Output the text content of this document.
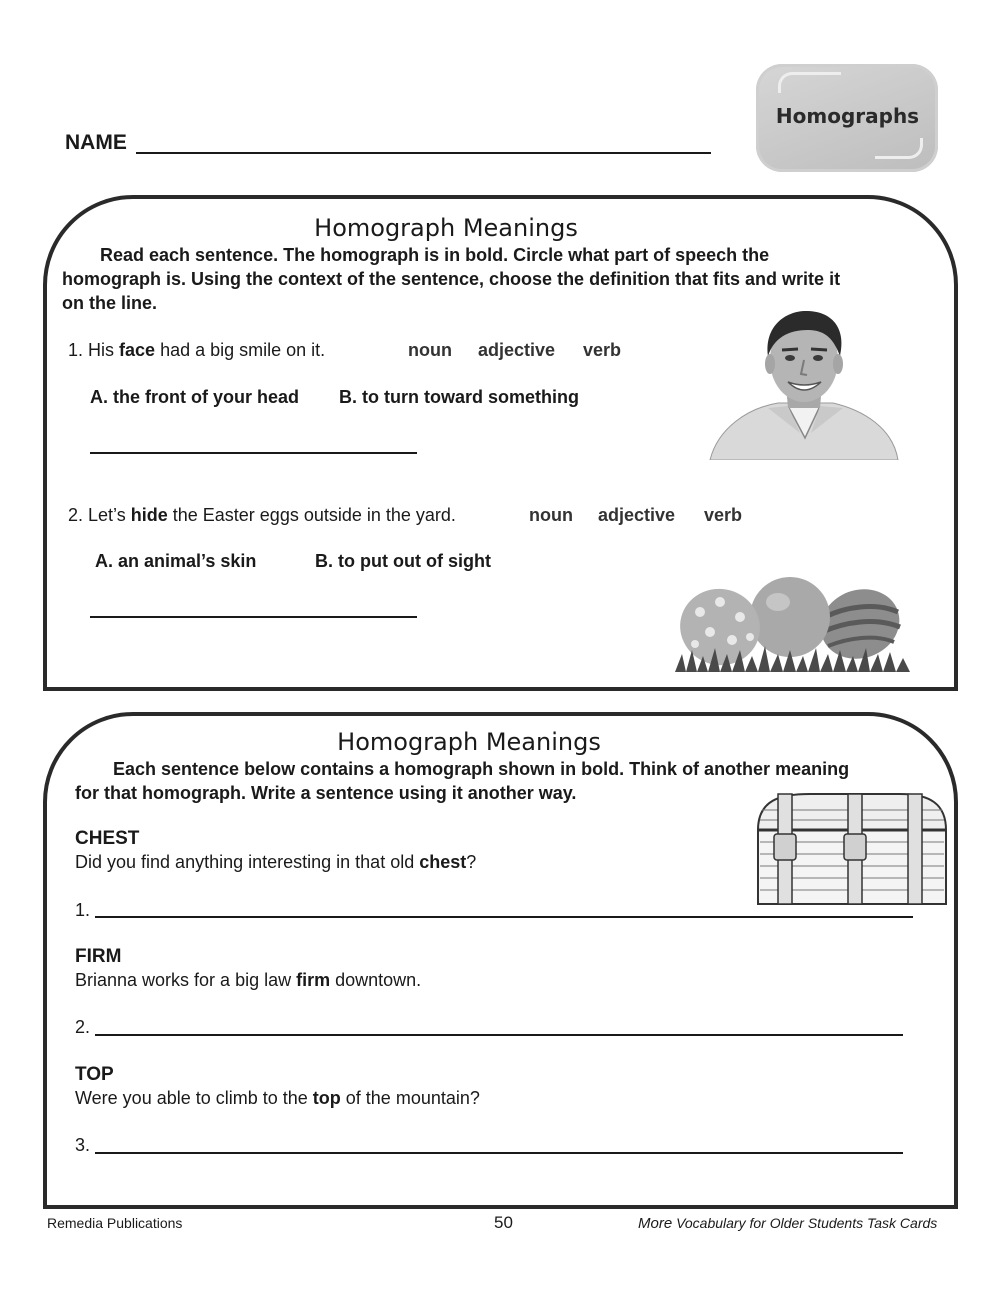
NAME
Homographs
Homograph Meanings
Read each sentence. The homograph is in bold. Circle what part of speech the
homograph is. Using the context of the sentence, choose the definition that fits and write it
on the line.
1. His face had a big smile on it.	noun adjective verb
A. the front of your head B. to turn toward something
2. Let’s hide the Easter eggs outside in the yard.	noun adjective verb
A. an animal’s skin	B. to put out of sight
Homograph Meanings
Each sentence below contains a homograph shown in bold. Think of another meaning
for that homograph. Write a sentence using it another way.
CHEST
Did you find anything interesting in that old chest?
1.
FIRM
Brianna works for a big law firm downtown.
2.
TOP
Were you able to climb to the top of the mountain?
3.
Remedia Publications	50	More Vocabulary for Older Students Task Cards
